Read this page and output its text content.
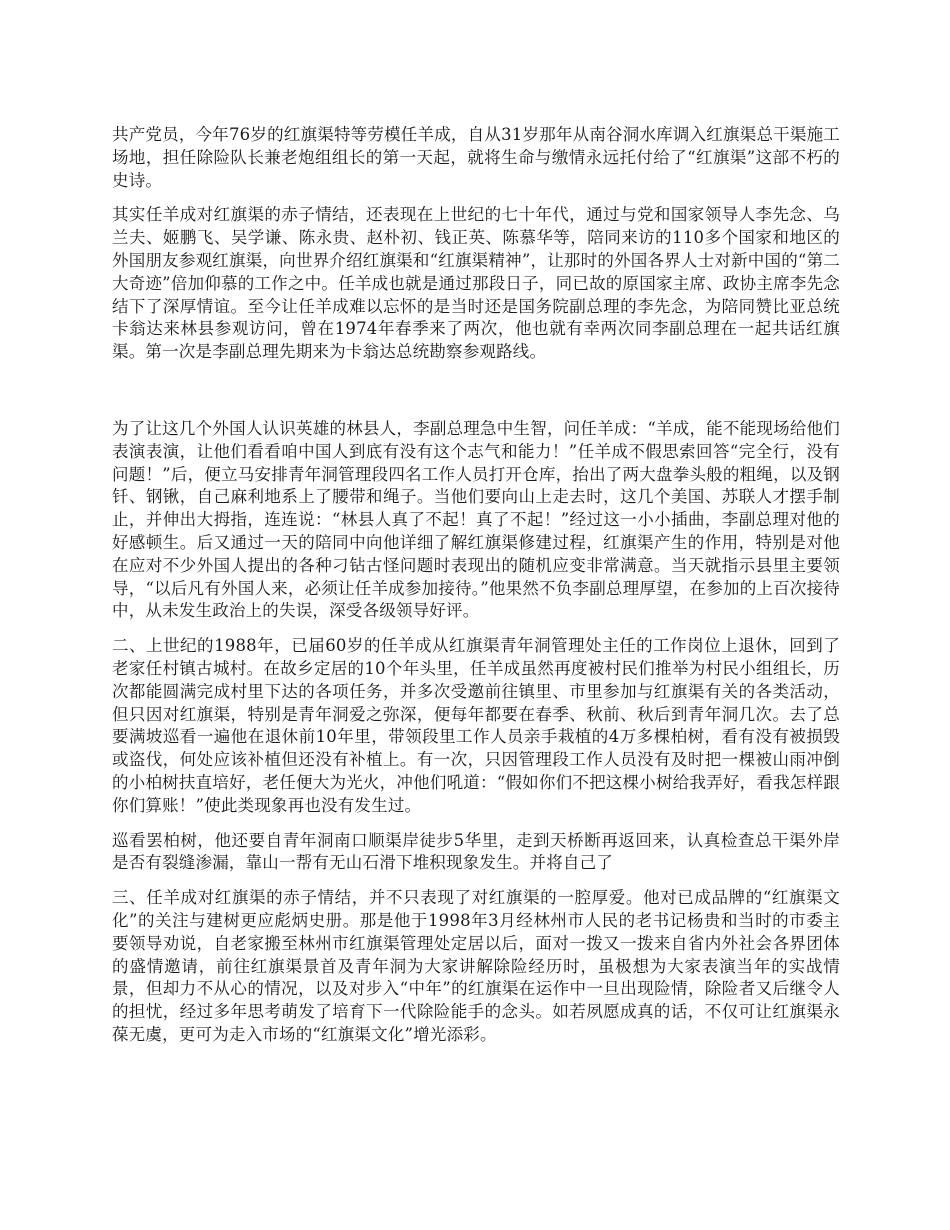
共产党员，今年76岁的红旗渠特等劳模任羊成，自从31岁那年从南谷洞水库调入红旗渠总干渠施工场地，担任除险队长兼老炮组组长的第一天起，就将生命与缴情永远托付给了“红旗渠”这部不朽的史诗。

其实任羊成对红旗渠的赤子情结，还表现在上世纪的七十年代，通过与党和国家领导人李先念、乌兰夫、姬鹏飞、吴学谦、陈永贵、赵朴初、钱正英、陈慕华等，陪同来访的110多个国家和地区的外国朋友参观红旗渠，向世界介绍红旗渠和“红旗渠精神”，让那时的外国各界人士对新中国的“第二大奇迹”倍加仰慕的工作之中。任羊成也就是通过那段日子，同已故的原国家主席、政协主席李先念结下了深厚情谊。至今让任羊成难以忘怀的是当时还是国务院副总理的李先念，为陪同赞比亚总统卡翁达来林县参观访问，曾在1974年春季来了两次，他也就有幸两次同李副总理在一起共话红旗渠。第一次是李副总理先期来为卡翁达总统勘察参观路线。

为了让这几个外国人认识英雄的林县人，李副总理急中生智，问任羊成：“羊成，能不能现场给他们表演表演，让他们看看咱中国人到底有没有这个志气和能力！”任羊成不假思索回答“完全行，没有问题！”后，便立马安排青年洞管理段四名工作人员打开仓库，抬出了两大盘拳头般的粗绳，以及钢钎、钢锹，自己麻利地系上了腰带和绳子。当他们要向山上走去时，这几个美国、苏联人才摆手制止，并伸出大拇指，连连说：“林县人真了不起！真了不起！”经过这一小小插曲，李副总理对他的好感顿生。后又通过一天的陪同中向他详细了解红旗渠修建过程，红旗渠产生的作用，特别是对他在应对不少外国人提出的各种刁钻古怪问题时表现出的随机应变非常满意。当天就指示县里主要领导，“以后凡有外国人来，必须让任羊成参加接待。”他果然不负李副总理厚望，在参加的上百次接待中，从未发生政治上的失误，深受各级领导好评。

二、上世纪的1988年，已届60岁的任羊成从红旗渠青年洞管理处主任的工作岗位上退休，回到了老家任村镇古城村。在故乡定居的10个年头里，任羊成虽然再度被村民们推举为村民小组组长，历次都能圆满完成村里下达的各项任务，并多次受邀前往镇里、市里参加与红旗渠有关的各类活动，但只因对红旗渠，特别是青年洞爱之弥深，便每年都要在春季、秋前、秋后到青年洞几次。去了总要满坡巡看一遍他在退休前10年里，带领段里工作人员亲手栽植的4万多棵柏树，看有没有被损毁或盗伐，何处应该补植但还没有补植上。有一次，只因管理段工作人员没有及时把一棵被山雨冲倒的小柏树扶直培好，老任便大为光火，冲他们吼道：“假如你们不把这棵小树给我弄好，看我怎样跟你们算账！”使此类现象再也没有发生过。

巡看罢柏树，他还要自青年洞南口顺渠岸徒步5华里，走到天桥断再返回来，认真检查总干渠外岸是否有裂缝渗漏，靠山一帮有无山石滑下堆积现象发生。并将自己了

三、任羊成对红旗渠的赤子情结，并不只表现了对红旗渠的一腔厚爱。他对已成品牌的“红旗渠文化”的关注与建树更应彪炳史册。那是他于1998年3月经林州市人民的老书记杨贵和当时的市委主要领导劝说，自老家搬至林州市红旗渠管理处定居以后，面对一拨又一拨来自省内外社会各界团体的盛情邀请，前往红旗渠景首及青年洞为大家讲解除险经历时，虽极想为大家表演当年的实战情景，但却力不从心的情况，以及对步入“中年”的红旗渠在运作中一旦出现险情，除险者又后继令人的担忧，经过多年思考萌发了培育下一代除险能手的念头。如若夙愿成真的话，不仅可让红旗渠永葆无虞，更可为走入市场的“红旗渠文化”增光添彩。
